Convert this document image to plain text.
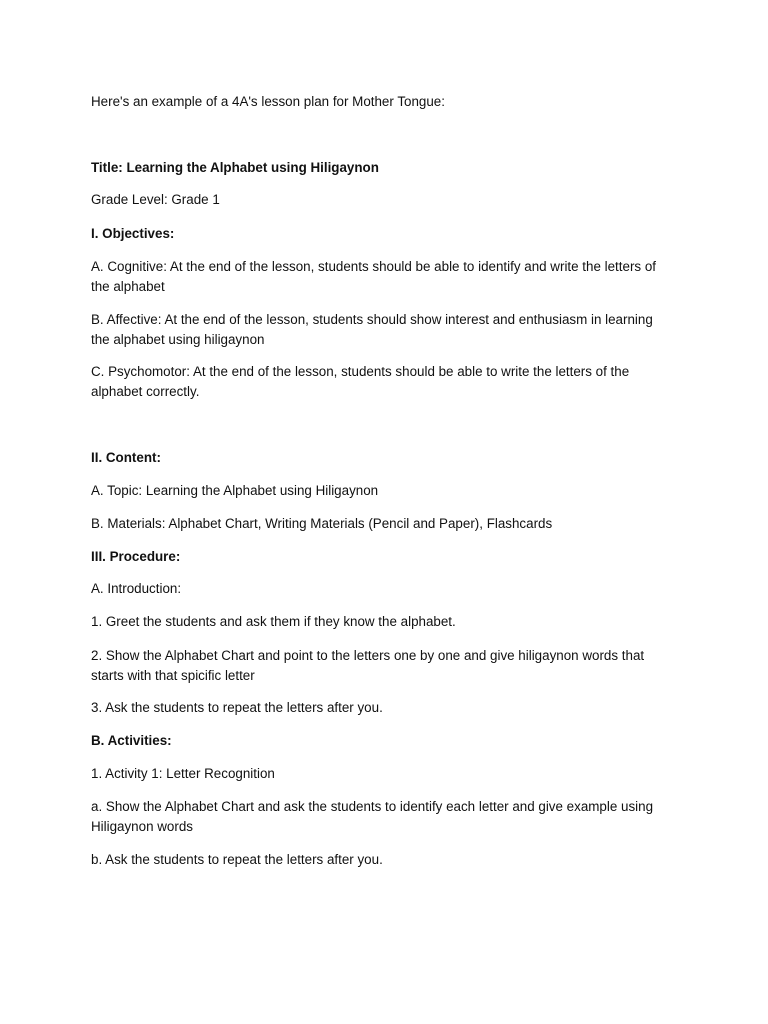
Here's an example of a 4A's lesson plan for Mother Tongue:

Title: Learning the Alphabet using Hiligaynon

Grade Level: Grade 1

I. Objectives:

A. Cognitive: At the end of the lesson, students should be able to identify and write the letters of the alphabet

B. Affective: At the end of the lesson, students should show interest and enthusiasm in learning the alphabet using hiligaynon

C. Psychomotor: At the end of the lesson, students should be able to write the letters of the alphabet correctly.

II. Content:

A. Topic: Learning the Alphabet using Hiligaynon

B. Materials: Alphabet Chart, Writing Materials (Pencil and Paper), Flashcards

III. Procedure:

A. Introduction:

1. Greet the students and ask them if they know the alphabet.

2. Show the Alphabet Chart and point to the letters one by one and give hiligaynon words that starts with that spicific letter

3. Ask the students to repeat the letters after you.

B. Activities:

1. Activity 1: Letter Recognition

a. Show the Alphabet Chart and ask the students to identify each letter and give example using Hiligaynon words

b. Ask the students to repeat the letters after you.
